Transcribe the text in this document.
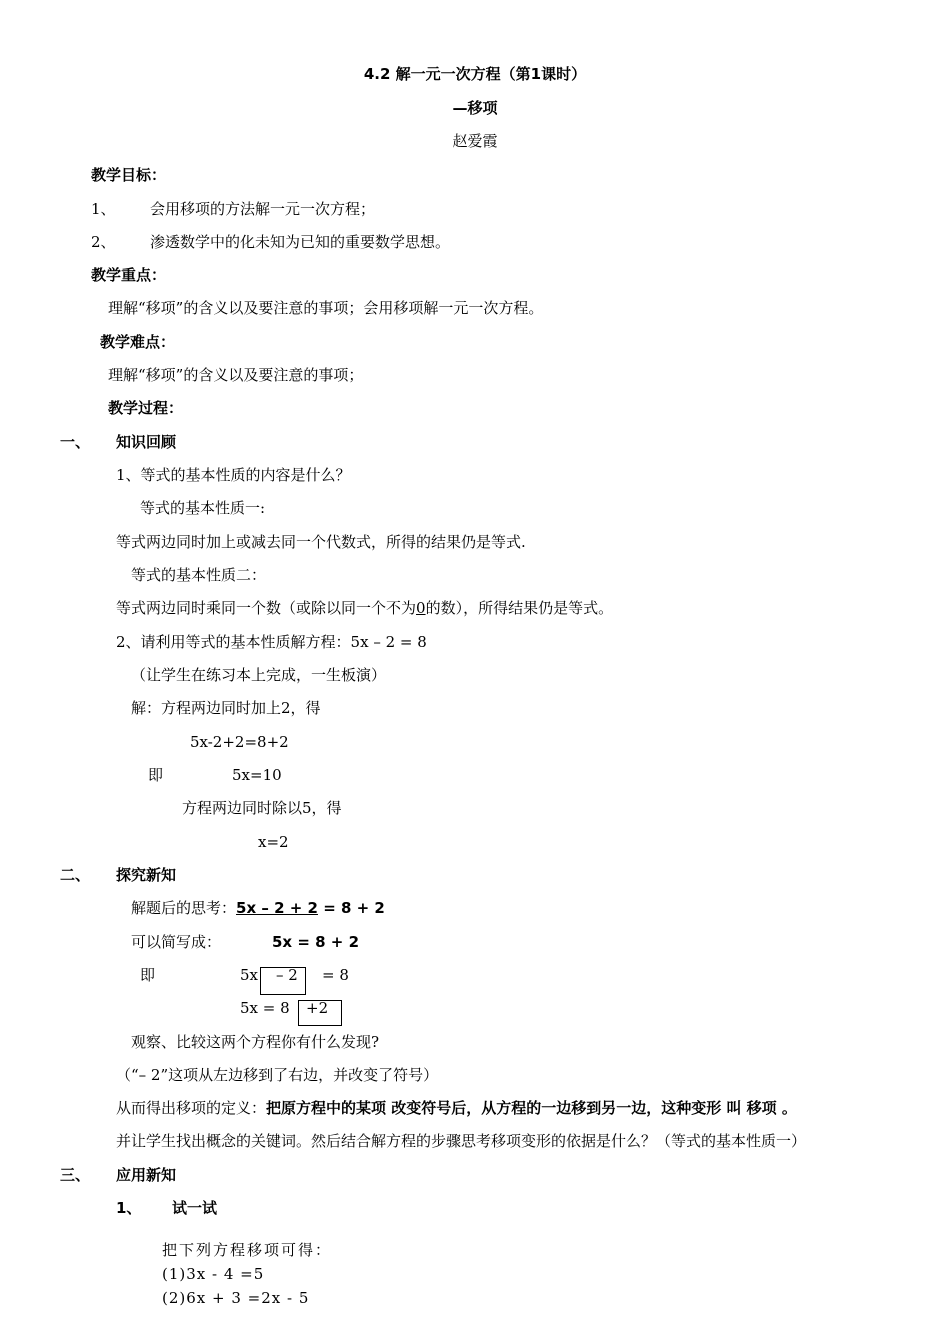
4.2 解一元一次方程（第1课时）
—移项
赵爱霞
教学目标：
1、 会用移项的方法解一元一次方程；
2、 渗透数学中的化未知为已知的重要数学思想。
教学重点：
理解“移项”的含义以及要注意的事项；会用移项解一元一次方程。
教学难点：
理解“移项”的含义以及要注意的事项；
教学过程：
一、 知识回顾
1、等式的基本性质的内容是什么？
等式的基本性质一:
等式两边同时加上或减去同一个代数式，所得的结果仍是等式.
等式的基本性质二：
等式两边同时乘同一个数（或除以同一个不为0的数），所得结果仍是等式。
2、请利用等式的基本性质解方程：5x – 2 = 8
（让学生在练习本上完成，一生板演）
解：方程两边同时加上2，得
5x-2+2=8+2
即	5x=10
方程两边同时除以5，得
x=2
二、 探究新知
解题后的思考：5x – 2 + 2 = 8 + 2
可以简写成：	5x = 8 + 2
即	5x – 2 = 8
5x = 8 +2
观察、比较这两个方程你有什么发现?
（“– 2”这项从左边移到了右边，并改变了符号）
从而得出移项的定义：把原方程中的某项 改变符号后，从方程的一边移到另一边，这种变形 叫 移项 。
并让学生找出概念的关键词。然后结合解方程的步骤思考移项变形的依据是什么？（等式的基本性质一）
三、 应用新知
1、 试一试
把下列方程移项可得：
(1)3x - 4 =5
(2)6x + 3 =2x - 5
